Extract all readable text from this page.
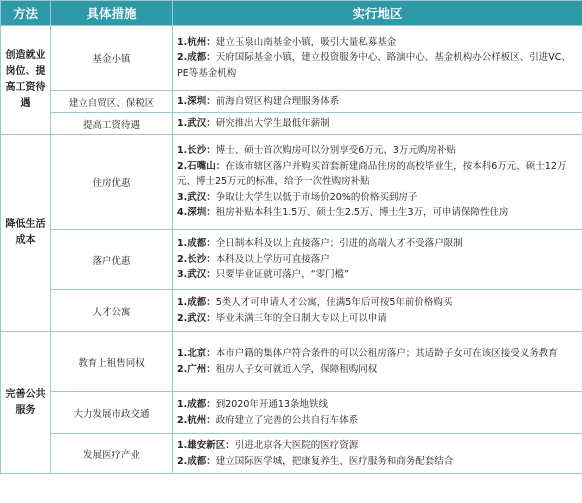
方法	具体措施	实行地区
创造就业岗位、提高工资待遇	基金小镇	1.杭州：建立玉泉山南基金小镇，吸引大量私募基金
2.成都：天府国际基金小镇，建立投资服务中心、路演中心、基金机构办公样板区、引进VC、PE等基金机构

	建立自贸区、保税区	1.深圳：前海自贸区构建合理服务体系

	提高工资待遇	1.武汉：研究推出大学生最低年薪制

降低生活成本	住房优惠	1.长沙：博士、硕士首次购房可以分别享受6万元、3万元购房补贴
2.石嘴山：在该市辖区落户并购买首套新建商品住房的高校毕业生，按本科6万元、硕士12万元、博士25万元的标准，给予一次性购房补贴
3.武汉：争取让大学生以低于市场价20%的价格买到房子
4.深圳：租房补贴本科生1.5万、硕士生2.5万、博士生3万，可申请保障性住房

	落户优惠	1.成都：全日制本科及以上直接落户；引进的高端人才不受落户限制
2.长沙：本科及以上学历可直接落户
3.武汉：只要毕业证就可落户，“零门槛”

	人才公寓	1.成都：5类人才可申请人才公寓，住满5年后可按5年前价格购买
2.武汉：毕业未满三年的全日制大专以上可以申请

完善公共服务	教育上租售同权	1.北京：本市户籍的集体户符合条件的可以公租房落户；其适龄子女可在该区接受义务教育
2.广州：租房人子女可就近入学，保障租购同权

	大力发展市政交通	1.成都：到2020年开通13条地铁线
2.杭州：政府建立了完善的公共自行车体系

	发展医疗产业	1.雄安新区：引进北京各大医院的医疗资源
2.成都：建立国际医学城，把康复养生、医疗服务和商务配套结合
